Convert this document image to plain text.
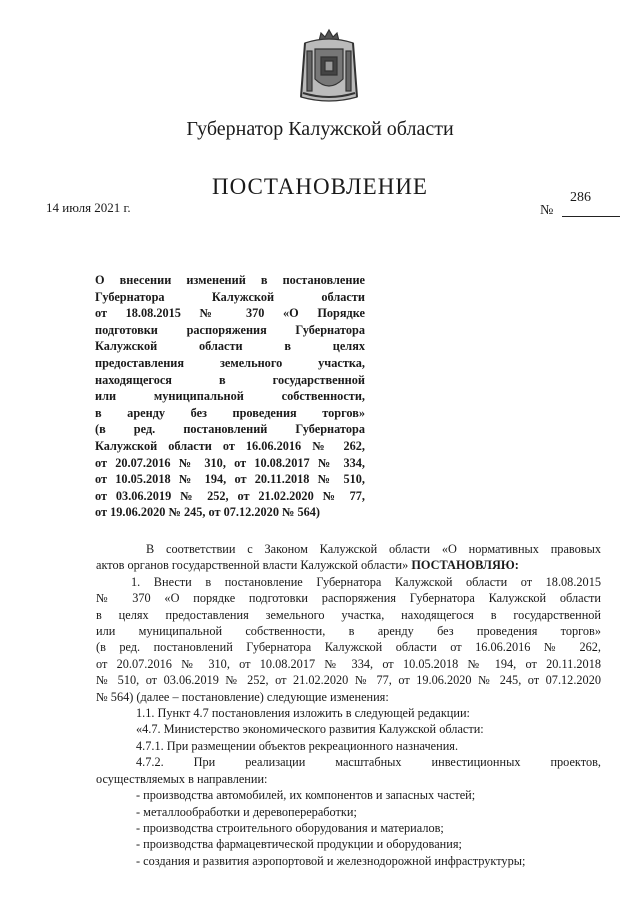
Губернатор Калужской области
ПОСТАНОВЛЕНИЕ
14 июля 2021 г.	№
286
О внесении изменений в постановление
Губернатора Калужской области
от 18.08.2015 № 370 «О Порядке
подготовки распоряжения Губернатора
Калужской области в целях
предоставления земельного участка,
находящегося в государственной
или муниципальной собственности,
в аренду без проведения торгов»
(в ред. постановлений Губернатора
Калужской области от 16.06.2016 № 262,
от 20.07.2016 № 310, от 10.08.2017 № 334,
от 10.05.2018 № 194, от 20.11.2018 № 510,
от 03.06.2019 № 252, от 21.02.2020 № 77,
от 19.06.2020 № 245, от 07.12.2020 № 564)
В соответствии с Законом Калужской области «О нормативных правовых
актов органов государственной власти Калужской области» ПОСТАНОВЛЯЮ:
1. Внести в постановление Губернатора Калужской области от 18.08.2015
№ 370 «О порядке подготовки распоряжения Губернатора Калужской области
в целях предоставления земельного участка, находящегося в государственной
или муниципальной собственности, в аренду без проведения торгов»
(в ред. постановлений Губернатора Калужской области от 16.06.2016 № 262,
от 20.07.2016 № 310, от 10.08.2017 № 334, от 10.05.2018 № 194, от 20.11.2018
№ 510, от 03.06.2019 № 252, от 21.02.2020 № 77, от 19.06.2020 № 245, от 07.12.2020
№ 564) (далее – постановление) следующие изменения:
1.1. Пункт 4.7 постановления изложить в следующей редакции:
«4.7. Министерство экономического развития Калужской области:
4.7.1. При размещении объектов рекреационного назначения.
4.7.2. При реализации масштабных инвестиционных проектов,
осуществляемых в направлении:
- производства автомобилей, их компонентов и запасных частей;
- металлообработки и деревопереработки;
- производства строительного оборудования и материалов;
- производства фармацевтической продукции и оборудования;
- создания и развития аэропортовой и железнодорожной инфраструктуры;
